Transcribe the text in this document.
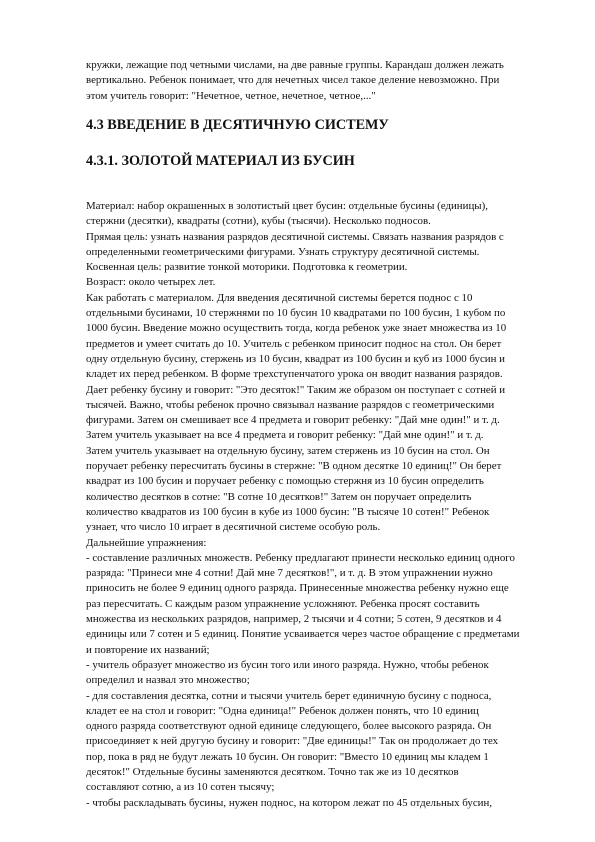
кружки, лежащие под четными числами, на две равные группы. Карандаш должен лежать

вертикально. Ребенок понимает, что для нечетных чисел такое деление невозможно. При

этом учитель говорит: "Нечетное, четное, нечетное, четное,..."

4.3 ВВЕДЕНИЕ В ДЕСЯТИЧНУЮ СИСТЕМУ
4.3.1. ЗОЛОТОЙ МАТЕРИАЛ ИЗ БУСИН

Материал: набор окрашенных в золотистый цвет бусин: отдельные бусины (единицы),

стержни (десятки), квадраты (сотни), кубы (тысячи). Несколько подносов.

Прямая цель: узнать названия разрядов десятичной системы. Связать названия разрядов с

определенными геометрическими фигурами. Узнать структуру десятичной системы.

Косвенная цель: развитие тонкой моторики. Подготовка к геометрии.

Возраст: около четырех лет.

Как работать с материалом. Для введения десятичной системы берется поднос с 10

отдельными бусинами, 10 стержнями по 10 бусин 10 квадратами по 100 бусин, 1 кубом по

1000 бусин. Введение можно осуществить тогда, когда ребенок уже знает множества из 10

предметов и умеет считать до 10. Учитель с ребенком приносит поднос на стол. Он берет

одну отдельную бусину, стержень из 10 бусин, квадрат из 100 бусин и куб из 1000 бусин и

кладет их перед ребенком. В форме трехступенчатого урока он вводит названия разрядов.

Дает ребенку бусину и говорит: "Это десяток!" Таким же образом он поступает с сотней и

тысячей. Важно, чтобы ребенок прочно связывал название разрядов с геометрическими

фигурами. Затем он смешивает все 4 предмета и говорит ребенку: "Дай мне один!" и т. д.

Затем учитель указывает на все 4 предмета и говорит ребенку: "Дай мне один!" и т. д.

Затем учитель указывает на отдельную бусину, затем стержень из 10 бусин на стол. Он

поручает ребенку пересчитать бусины в стержне: "В одном десятке 10 единиц!" Он берет

квадрат из 100 бусин и поручает ребенку с помощью стержня из 10 бусин определить

количество десятков в сотне: "В сотне 10 десятков!" Затем он поручает определить

количество квадратов из 100 бусин в кубе из 1000 бусин: "В тысяче 10 сотен!" Ребенок

узнает, что число 10 играет в десятичной системе особую роль.

Дальнейшие упражнения:

- составление различных множеств. Ребенку предлагают принести несколько единиц одного

разряда: "Принеси мне 4 сотни! Дай мне 7 десятков!", и т. д. В этом упражнении нужно

приносить не более 9 единиц одного разряда. Принесенные множества ребенку нужно еще

раз пересчитать. С каждым разом упражнение усложняют. Ребенка просят составить

множества из нескольких разрядов, например, 2 тысячи и 4 сотни; 5 сотен, 9 десятков и 4

единицы или 7 сотен и 5 единиц. Понятие усваивается через частое обращение с предметами

и повторение их названий;

- учитель образует множество из бусин того или иного разряда. Нужно, чтобы ребенок

определил и назвал это множество;

- для составления десятка, сотни и тысячи учитель берет единичную бусину с подноса,

кладет ее на стол и говорит: "Одна единица!" Ребенок должен понять, что 10 единиц

одного разряда соответствуют одной единице следующего, более высокого разряда. Он

присоединяет к ней другую бусину и говорит: "Две единицы!" Так он продолжает до тех

пор, пока в ряд не будут лежать 10 бусин. Он говорит: "Вместо 10 единиц мы кладем 1

десяток!" Отдельные бусины заменяются десятком. Точно так же из 10 десятков

составляют сотню, а из 10 сотен тысячу;

- чтобы раскладывать бусины, нужен поднос, на котором лежат по 45 отдельных бусин,
